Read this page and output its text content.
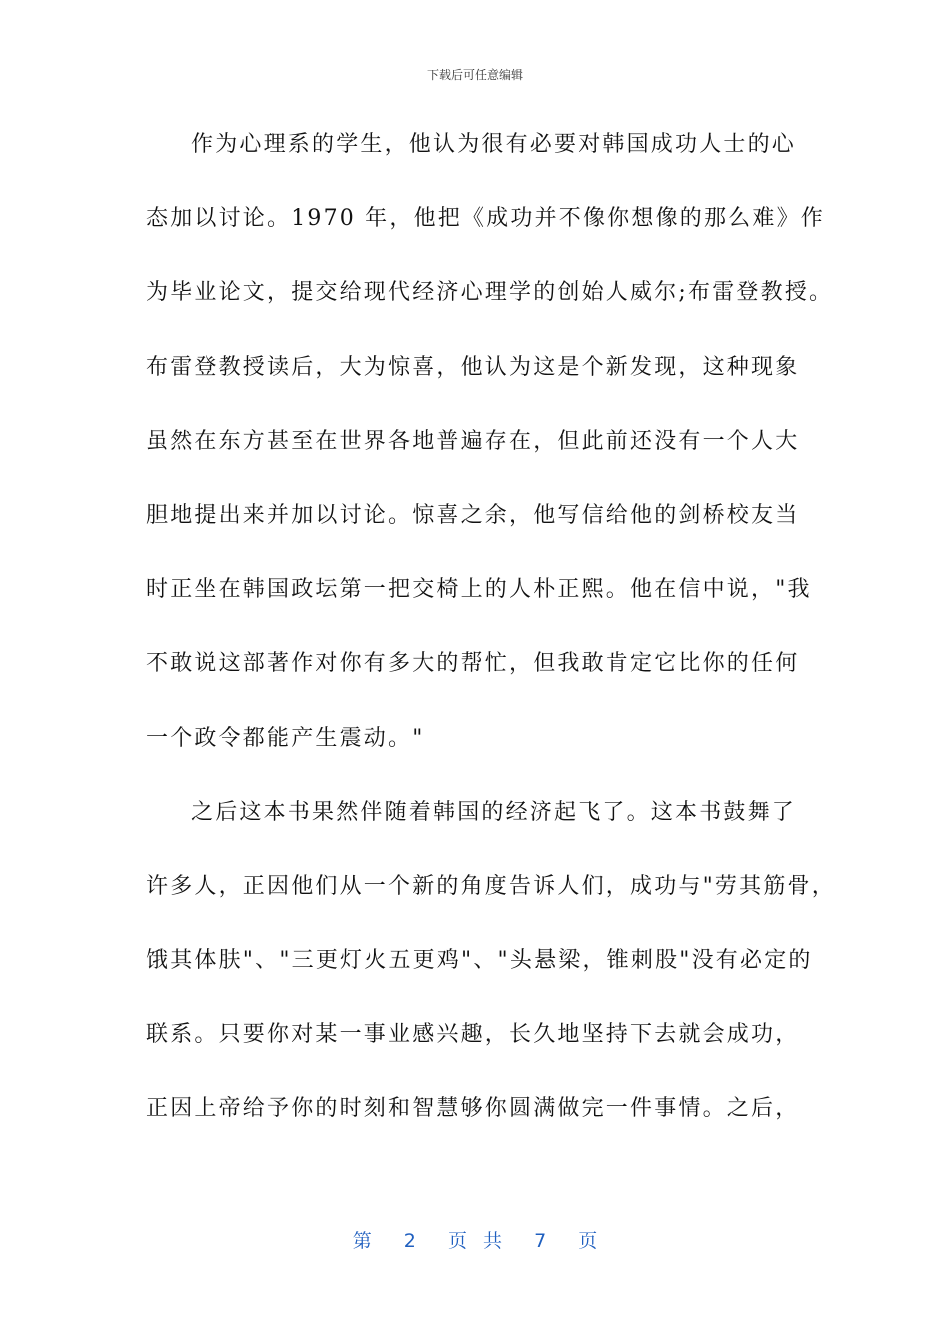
下载后可任意编辑
作为心理系的学生，他认为很有必要对韩国成功人士的心
态加以讨论。1970 年，他把《成功并不像你想像的那么难》作
为毕业论文，提交给现代经济心理学的创始人威尔;布雷登教授。
布雷登教授读后，大为惊喜，他认为这是个新发现，这种现象
虽然在东方甚至在世界各地普遍存在，但此前还没有一个人大
胆地提出来并加以讨论。惊喜之余，他写信给他的剑桥校友当
时正坐在韩国政坛第一把交椅上的人朴正熙。他在信中说，"我
不敢说这部著作对你有多大的帮忙，但我敢肯定它比你的任何
一个政令都能产生震动。"
之后这本书果然伴随着韩国的经济起飞了。这本书鼓舞了
许多人，正因他们从一个新的角度告诉人们，成功与"劳其筋骨，
饿其体肤"、"三更灯火五更鸡"、"头悬梁，锥刺股"没有必定的
联系。只要你对某一事业感兴趣，长久地坚持下去就会成功，
正因上帝给予你的时刻和智慧够你圆满做完一件事情。之后，
第  2  页 共  7  页
